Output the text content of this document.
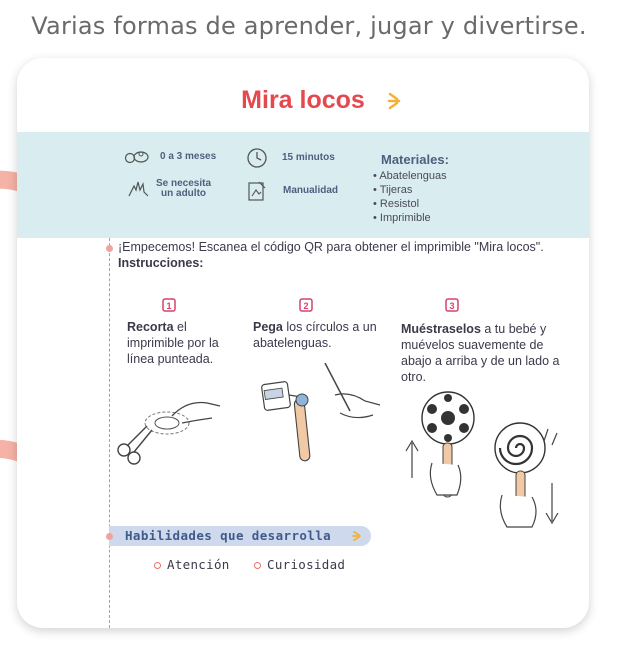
Varias formas de aprender, jugar y divertirse.
Mira locos
0 a 3 meses	15 minutos
Se necesita
un adulto	Manualidad
Materiales:
• Abatelenguas
• Tijeras
• Resistol
• Imprimible
¡Empecemos! Escanea el código QR para obtener el imprimible "Mira locos". Instrucciones:
1
Recorta el imprimible por la línea punteada.
2
Pega los círculos a un abatelenguas.
3
Muéstraselos a tu bebé y muévelos suavemente de abajo a arriba y de un lado a otro.
Habilidades que desarrolla
Atención	Curiosidad
